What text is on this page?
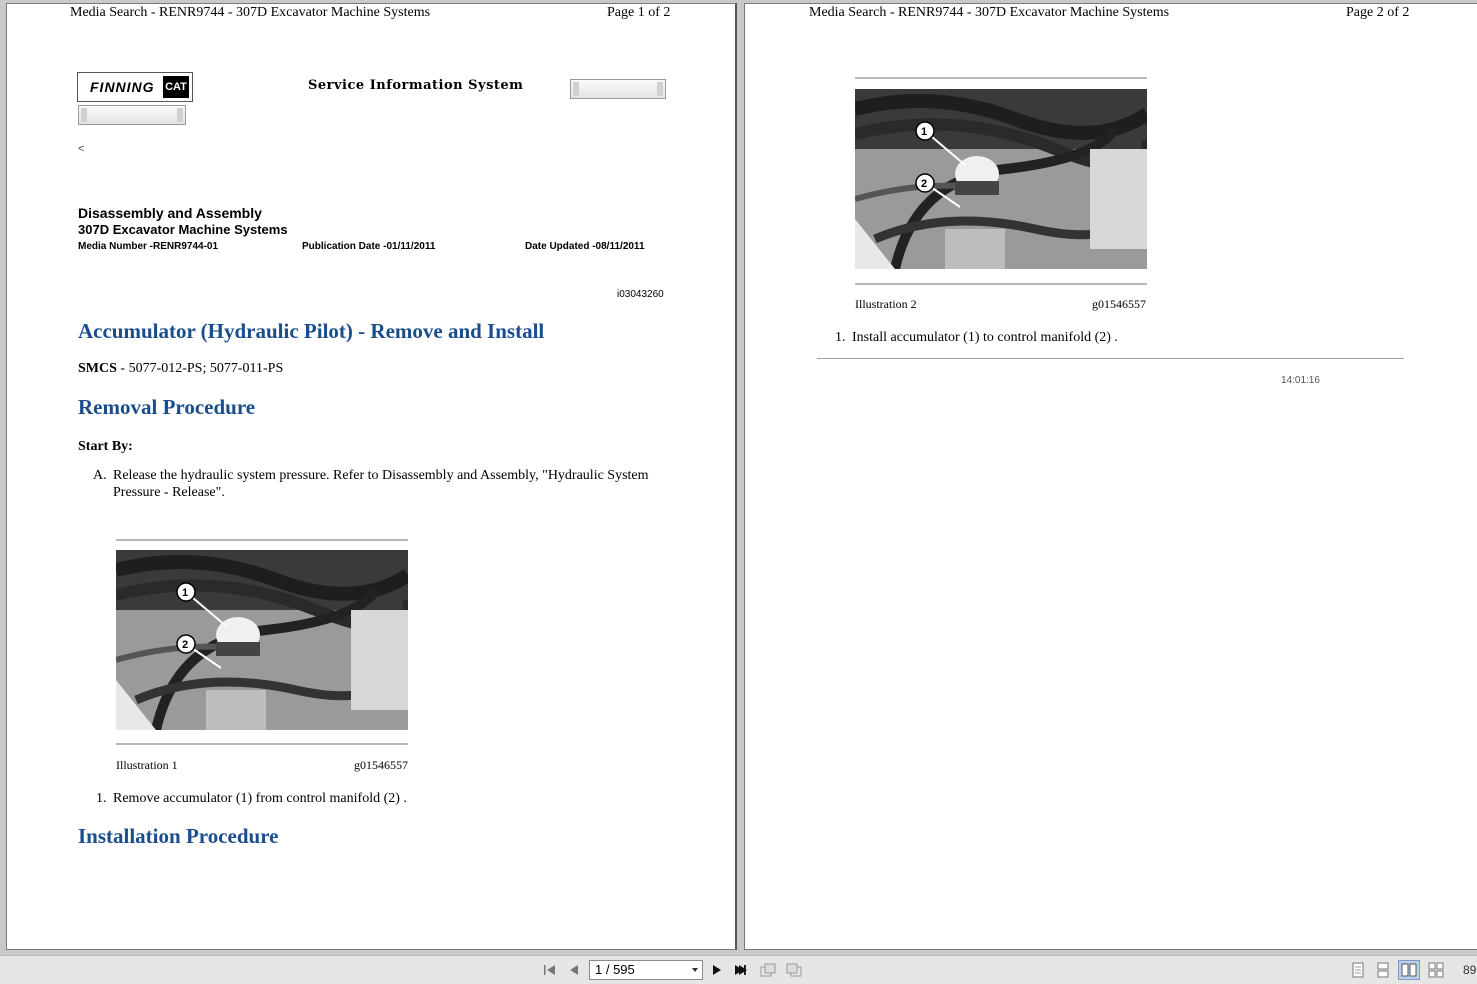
Media Search - RENR9744 - 307D Excavator Machine Systems	Page 1 of 2
FINNING CAT	Service Information System
<
Disassembly and Assembly
307D Excavator Machine Systems
Media Number -RENR9744-01	Publication Date -01/11/2011	Date Updated -08/11/2011
i03043260
Accumulator (Hydraulic Pilot) - Remove and Install
SMCS - 5077-012-PS; 5077-011-PS
Removal Procedure
Start By:
A. Release the hydraulic system pressure. Refer to Disassembly and Assembly, "Hydraulic System
Pressure - Release".
1
2
Illustration 1	g01546557
1. Remove accumulator (1) from control manifold (2) .
Installation Procedure
Media Search - RENR9744 - 307D Excavator Machine Systems	Page 2 of 2
1
2
Illustration 2	g01546557
1. Install accumulator (1) to control manifold (2) .
14:01:16
1 / 595	89
